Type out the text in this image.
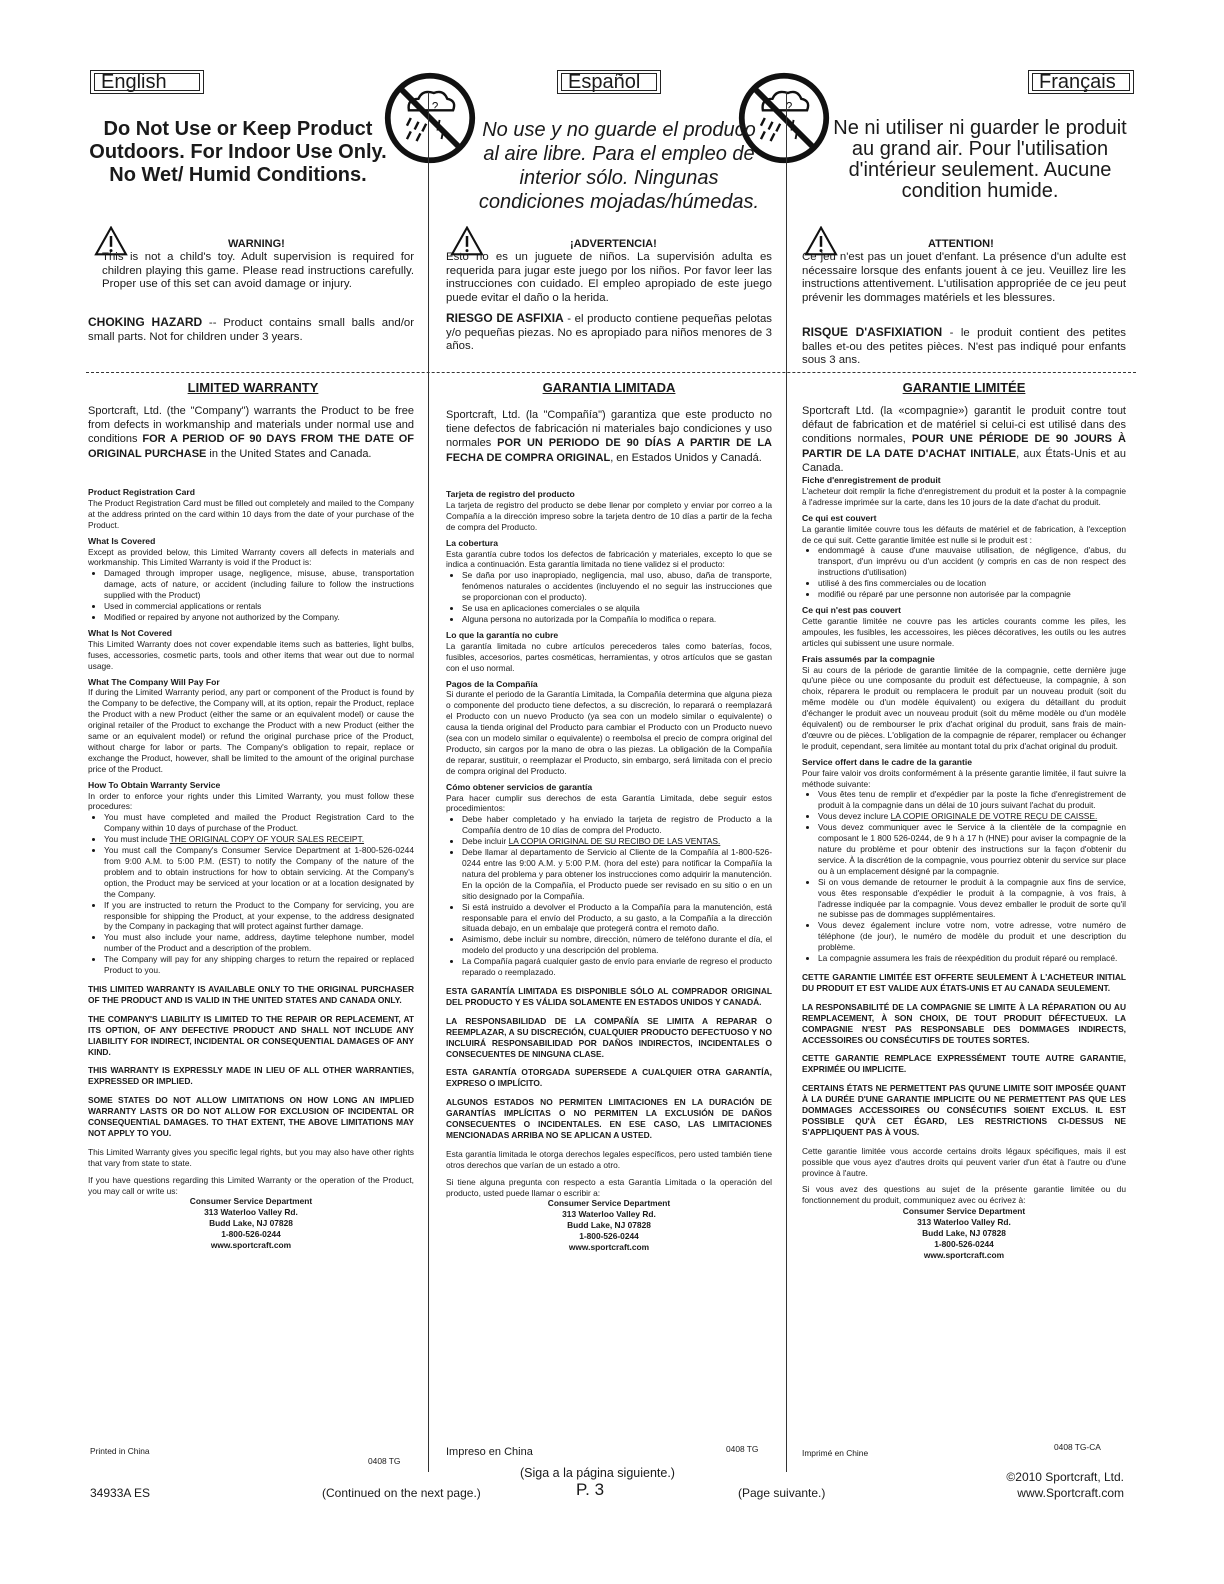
English	Español	Français
?	?
Do Not Use or Keep Product Outdoors. For Indoor Use Only. No Wet/ Humid Conditions.
No use y no guarde el produco al aire libre. Para el empleo de interior sólo. Ningunas condiciones mojadas/húmedas.
Ne ni utiliser ni guarder le produit au grand air. Pour l'utilisation d'intérieur seulement. Aucune condition humide.
WARNING!
This is not a child's toy. Adult supervision is required for children playing this game. Please read instructions carefully. Proper use of this set can avoid damage or injury.
CHOKING HAZARD -- Product contains small balls and/or small parts. Not for children under 3 years.
¡ADVERTENCIA!
Esto no es un juguete de niños. La supervisión adulta es requerida para jugar este juego por los niños. Por favor leer las instrucciones con cuidado. El empleo apropiado de este juego puede evitar el daño o la herida.
RIESGO DE ASFIXIA - el producto contiene pequeñas pelotas y/o pequeñas piezas. No es apropiado para niños menores de 3 años.
ATTENTION!
Ce jeu n'est pas un jouet d'enfant. La présence d'un adulte est nécessaire lorsque des enfants jouent à ce jeu. Veuillez lire les instructions attentivement. L'utilisation appropriée de ce jeu peut prévenir les dommages matériels et les blessures.
RISQUE D'ASFIXIATION - le produit contient des petites balles et-ou des petites pièces. N'est pas indiqué pour enfants sous 3 ans.
LIMITED WARRANTY	GARANTIA LIMITADA	GARANTIE LIMITÉE
Sportcraft, Ltd. (the "Company") warrants the Product to be free from defects in workmanship and materials under normal use and conditions FOR A PERIOD OF 90 DAYS FROM THE DATE OF ORIGINAL PURCHASE in the United States and Canada.
Sportcraft, Ltd. (la "Compañía") garantiza que este producto no tiene defectos de fabricación ni materiales bajo condiciones y uso normales POR UN PERIODO DE 90 DÍAS A PARTIR DE LA FECHA DE COMPRA ORIGINAL, en Estados Unidos y Canadá.
Sportcraft Ltd. (la «compagnie») garantit le produit contre tout défaut de fabrication et de matériel si celui-ci est utilisé dans des conditions normales, POUR UNE PÉRIODE DE 90 JOURS À PARTIR DE LA DATE D'ACHAT INITIALE, aux États-Unis et au Canada.
Product Registration Card

The Product Registration Card must be filled out completely and mailed to the Company at the address printed on the card within 10 days from the date of your purchase of the Product.

What Is Covered

Except as provided below, this Limited Warranty covers all defects in materials and workmanship. This Limited Warranty is void if the Product is:

• Damaged through improper usage, negligence, misuse, abuse, transportation damage, acts of nature, or accident (including failure to follow the instructions supplied with the Product)
• Used in commercial applications or rentals
• Modified or repaired by anyone not authorized by the Company.
What Is Not Covered

This Limited Warranty does not cover expendable items such as batteries, light bulbs, fuses, accessories, cosmetic parts, tools and other items that wear out due to normal usage.

What The Company Will Pay For

If during the Limited Warranty period, any part or component of the Product is found by the Company to be defective, the Company will, at its option, repair the Product, replace the Product with a new Product (either the same or an equivalent model) or cause the original retailer of the Product to exchange the Product with a new Product (either the same or an equivalent model) or refund the original purchase price of the Product, without charge for labor or parts. The Company's obligation to repair, replace or exchange the Product, however, shall be limited to the amount of the original purchase price of the Product.

How To Obtain Warranty Service

In order to enforce your rights under this Limited Warranty, you must follow these procedures:

• You must have completed and mailed the Product Registration Card to the Company within 10 days of purchase of the Product.
• You must include THE ORIGINAL COPY OF YOUR SALES RECEIPT.
• You must call the Company's Consumer Service Department at 1-800-526-0244 from 9:00 A.M. to 5:00 P.M. (EST) to notify the Company of the nature of the problem and to obtain instructions for how to obtain servicing. At the Company's option, the Product may be serviced at your location or at a location designated by the Company.
• If you are instructed to return the Product to the Company for servicing, you are responsible for shipping the Product, at your expense, to the address designated by the Company in packaging that will protect against further damage.
• You must also include your name, address, daytime telephone number, model number of the Product and a description of the problem.
• The Company will pay for any shipping charges to return the repaired or replaced Product to you.

THIS LIMITED WARRANTY IS AVAILABLE ONLY TO THE ORIGINAL PURCHASER OF THE PRODUCT AND IS VALID IN THE UNITED STATES AND CANADA ONLY.

THE COMPANY'S LIABILITY IS LIMITED TO THE REPAIR OR REPLACEMENT, AT ITS OPTION, OF ANY DEFECTIVE PRODUCT AND SHALL NOT INCLUDE ANY LIABILITY FOR INDIRECT, INCIDENTAL OR CONSEQUENTIAL DAMAGES OF ANY KIND.

THIS WARRANTY IS EXPRESSLY MADE IN LIEU OF ALL OTHER WARRANTIES, EXPRESSED OR IMPLIED.

SOME STATES DO NOT ALLOW LIMITATIONS ON HOW LONG AN IMPLIED WARRANTY LASTS OR DO NOT ALLOW FOR EXCLUSION OF INCIDENTAL OR CONSEQUENTIAL DAMAGES. TO THAT EXTENT, THE ABOVE LIMITATIONS MAY NOT APPLY TO YOU.

This Limited Warranty gives you specific legal rights, but you may also have other rights that vary from state to state.

If you have questions regarding this Limited Warranty or the operation of the Product, you may call or write us:

Consumer Service Department
313 Waterloo Valley Rd.
Budd Lake, NJ 07828
1-800-526-0244
www.sportcraft.com
Tarjeta de registro del producto

La tarjeta de registro del producto se debe llenar por completo y enviar por correo a la Compañía a la dirección impreso sobre la tarjeta dentro de 10 días a partir de la fecha de compra del Producto.

La cobertura

Esta garantía cubre todos los defectos de fabricación y materiales, excepto lo que se indica a continuación. Esta garantía limitada no tiene validez si el producto:

• Se daña por uso inapropiado, negligencia, mal uso, abuso, daña de transporte, fenómenos naturales o accidentes (incluyendo el no seguir las instrucciones que se proporcionan con el producto).
• Se usa en aplicaciones comerciales o se alquila
• Alguna persona no autorizada por la Compañía lo modifica o repara.
Lo que la garantía no cubre

La garantía limitada no cubre artículos perecederos tales como baterías, focos, fusibles, accesorios, partes cosméticas, herramientas, y otros artículos que se gastan con el uso normal.

Pagos de la Compañía

Si durante el periodo de la Garantía Limitada, la Compañía determina que alguna pieza o componente del producto tiene defectos, a su discreción, lo reparará o reemplazará el Producto con un nuevo Producto (ya sea con un modelo similar o equivalente) o causa la tienda original del Producto para cambiar el Producto con un Producto nuevo (sea con un modelo similar o equivalente) o reembolsa el precio de compra original del Producto, sin cargos por la mano de obra o las piezas. La obligación de la Compañía de reparar, sustituir, o reemplazar el Producto, sin embargo, será limitada con el precio de compra original del Producto.

Cómo obtener servicios de garantía

Para hacer cumplir sus derechos de esta Garantía Limitada, debe seguir estos procedimientos:

• Debe haber completado y ha enviado la tarjeta de registro de Producto a la Compañía dentro de 10 días de compra del Producto.
• Debe incluir LA COPIA ORIGINAL DE SU RECIBO DE LAS VENTAS.
• Debe llamar al departamento de Servicio al Cliente de la Compañía al 1-800-526-0244 entre las 9:00 A.M. y 5:00 P.M. (hora del este) para notificar la Compañía la natura del problema y para obtener los instrucciones como adquirir la manutención. En la opción de la Compañía, el Producto puede ser revisado en su sitio o en un sitio designado por la Compañía.
• Si está instruido a devolver el Producto a la Compañía para la manutención, está responsable para el envío del Producto, a su gasto, a la Compañía a la dirección situada debajo, en un embalaje que protegerá contra el remoto daño.
• Asimismo, debe incluir su nombre, dirección, número de teléfono durante el día, el modelo del producto y una descripción del problema.
• La Compañía pagará cualquier gasto de envío para enviarle de regreso el producto reparado o reemplazado.

ESTA GARANTÍA LIMITADA ES DISPONIBLE SÓLO AL COMPRADOR ORIGINAL DEL PRODUCTO Y ES VÁLIDA SOLAMENTE EN ESTADOS UNIDOS Y CANADÁ.

LA RESPONSABILIDAD DE LA COMPAÑÍA SE LIMITA A REPARAR O REEMPLAZAR, A SU DISCRECIÓN, CUALQUIER PRODUCTO DEFECTUOSO Y NO INCLUIRÁ RESPONSABILIDAD POR DAÑOS INDIRECTOS, INCIDENTALES O CONSECUENTES DE NINGUNA CLASE.

ESTA GARANTÍA OTORGADA SUPERSEDE A CUALQUIER OTRA GARANTÍA, EXPRESO O IMPLÍCITO.

ALGUNOS ESTADOS NO PERMITEN LIMITACIONES EN LA DURACIÓN DE GARANTÍAS IMPLÍCITAS O NO PERMITEN LA EXCLUSIÓN DE DAÑOS CONSECUENTES O INCIDENTALES. EN ESE CASO, LAS LIMITACIONES MENCIONADAS ARRIBA NO SE APLICAN A USTED.

Esta garantía limitada le otorga derechos legales específicos, pero usted también tiene otros derechos que varían de un estado a otro.

Si tiene alguna pregunta con respecto a esta Garantía Limitada o la operación del producto, usted puede llamar o escribir a:

Consumer Service Department
313 Waterloo Valley Rd.
Budd Lake, NJ 07828
1-800-526-0244
www.sportcraft.com
Fiche d'enregistrement de produit

L'acheteur doit remplir la fiche d'enregistrement du produit et la poster à la compagnie à l'adresse imprimée sur la carte, dans les 10 jours de la date d'achat du produit.

Ce qui est couvert

La garantie limitée couvre tous les défauts de matériel et de fabrication, à l'exception de ce qui suit. Cette garantie limitée est nulle si le produit est :

• endommagé à cause d'une mauvaise utilisation, de négligence, d'abus, du transport, d'un imprévu ou d'un accident (y compris en cas de non respect des instructions d'utilisation)
• utilisé à des fins commerciales ou de location
• modifié ou réparé par une personne non autorisée par la compagnie
Ce qui n'est pas couvert

Cette garantie limitée ne couvre pas les articles courants comme les piles, les ampoules, les fusibles, les accessoires, les pièces décoratives, les outils ou les autres articles qui subissent une usure normale.

Frais assumés par la compagnie

Si au cours de la période de garantie limitée de la compagnie, cette dernière juge qu'une pièce ou une composante du produit est défectueuse, la compagnie, à son choix, réparera le produit ou remplacera le produit par un nouveau produit (soit du même modèle ou d'un modèle équivalent) ou exigera du détaillant du produit d'échanger le produit avec un nouveau produit (soit du même modèle ou d'un modèle équivalent) ou de rembourser le prix d'achat original du produit, sans frais de main-d'œuvre ou de pièces. L'obligation de la compagnie de réparer, remplacer ou échanger le produit, cependant, sera limitée au montant total du prix d'achat original du produit.

Service offert dans le cadre de la garantie

Pour faire valoir vos droits conformément à la présente garantie limitée, il faut suivre la méthode suivante:

• Vous êtes tenu de remplir et d'expédier par la poste la fiche d'enregistrement de produit à la compagnie dans un délai de 10 jours suivant l'achat du produit.
• Vous devez inclure LA COPIE ORIGINALE DE VOTRE REÇU DE CAISSE.
• Vous devez communiquer avec le Service à la clientèle de la compagnie en composant le 1 800 526-0244, de 9 h à 17 h (HNE) pour aviser la compagnie de la nature du problème et pour obtenir des instructions sur la façon d'obtenir du service. À la discrétion de la compagnie, vous pourriez obtenir du service sur place ou à un emplacement désigné par la compagnie.
• Si on vous demande de retourner le produit à la compagnie aux fins de service, vous êtes responsable d'expédier le produit à la compagnie, à vos frais, à l'adresse indiquée par la compagnie. Vous devez emballer le produit de sorte qu'il ne subisse pas de dommages supplémentaires.
• Vous devez également inclure votre nom, votre adresse, votre numéro de téléphone (de jour), le numéro de modèle du produit et une description du problème.
• La compagnie assumera les frais de réexpédition du produit réparé ou remplacé.

CETTE GARANTIE LIMITÉE EST OFFERTE SEULEMENT À L'ACHETEUR INITIAL DU PRODUIT ET EST VALIDE AUX ÉTATS-UNIS ET AU CANADA SEULEMENT.

LA RESPONSABILITÉ DE LA COMPAGNIE SE LIMITE À LA RÉPARATION OU AU REMPLACEMENT, À SON CHOIX, DE TOUT PRODUIT DÉFECTUEUX. LA COMPAGNIE N'EST PAS RESPONSABLE DES DOMMAGES INDIRECTS, ACCESSOIRES OU CONSÉCUTIFS DE TOUTES SORTES.

CETTE GARANTIE REMPLACE EXPRESSÉMENT TOUTE AUTRE GARANTIE, EXPRIMÉE OU IMPLICITE.

CERTAINS ÉTATS NE PERMETTENT PAS QU'UNE LIMITE SOIT IMPOSÉE QUANT À LA DURÉE D'UNE GARANTIE IMPLICITE OU NE PERMETTENT PAS QUE LES DOMMAGES ACCESSOIRES OU CONSÉCUTIFS SOIENT EXCLUS. IL EST POSSIBLE QU'À CET ÉGARD, LES RESTRICTIONS CI-DESSUS NE S'APPLIQUENT PAS À VOUS.

Cette garantie limitée vous accorde certains droits légaux spécifiques, mais il est possible que vous ayez d'autres droits qui peuvent varier d'un état à l'autre ou d'une province à l'autre.

Si vous avez des questions au sujet de la présente garantie limitée ou du fonctionnement du produit, communiquez avec ou écrivez à:

Consumer Service Department
313 Waterloo Valley Rd.
Budd Lake, NJ 07828
1-800-526-0244
www.sportcraft.com
Printed in China
0408 TG
Impreso en China	0408 TG	Imprimé en Chine
0408 TG-CA
(Siga a la página siguiente.)
34933A ES	(Continued on the next page.)	P. 3	(Page suivante.)
©2010 Sportcraft, Ltd.
www.Sportcraft.com
